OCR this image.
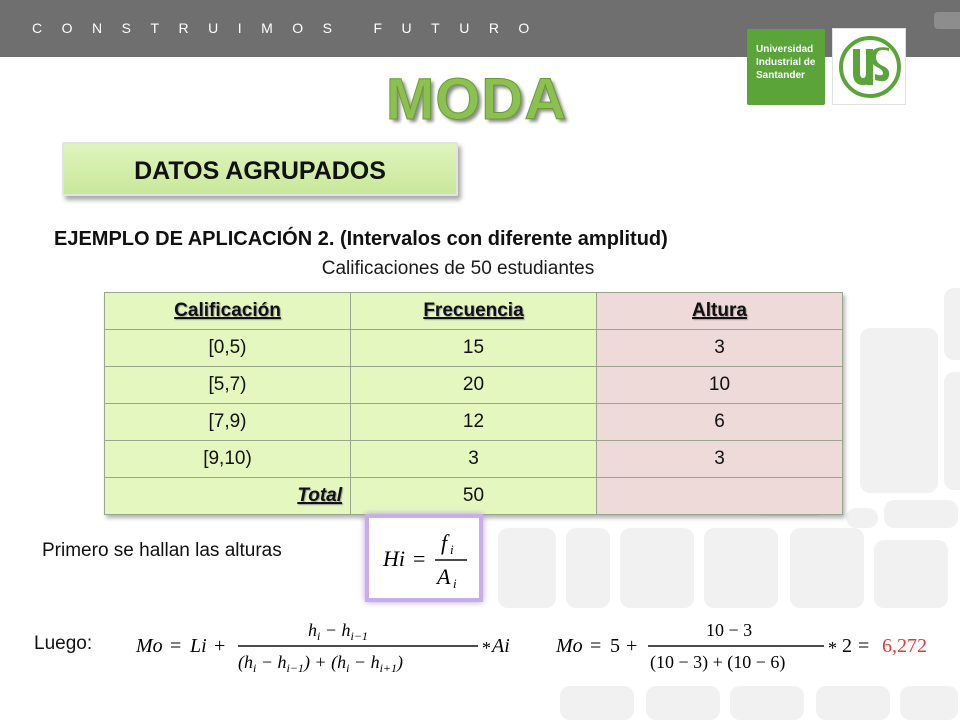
CONSTRUIMOS FUTURO
Universidad
Industrial de
Santander
MODA
DATOS AGRUPADOS
EJEMPLO DE APLICACIÓN 2. (Intervalos con diferente amplitud)
Calificaciones de 50 estudiantes
Calificación	Frecuencia	Altura
[0,5)	15	3
[5,7)	20	10
[7,9)	12	6
[9,10)	3	3
Total	50	
Primero se hallan las alturas	Hi =
f i
A i
Luego: Mo = Li +
$h_i - h_{i-1}$
$(h_i - h_{i-1}) + (h_i - h_{i+1})$
* Ai Mo = 5 +
10 − 3
(10 − 3) + (10 − 6)
* 2 = 6,272
